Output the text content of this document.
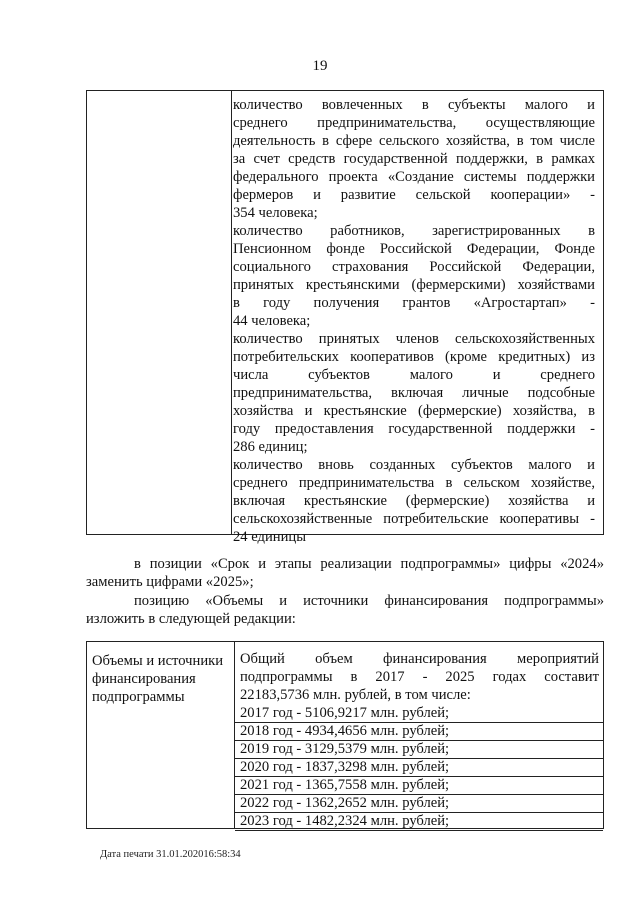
19
количество вовлеченных в субъекты малого и
среднего предпринимательства, осуществляющие
деятельность в сфере сельского хозяйства, в том числе
за счет средств государственной поддержки, в рамках
федерального проекта «Создание системы поддержки
фермеров и развитие сельской кооперации» -
354 человека;
количество работников, зарегистрированных в
Пенсионном фонде Российской Федерации, Фонде
социального страхования Российской Федерации,
принятых крестьянскими (фермерскими) хозяйствами
в году получения грантов «Агростартап» -
44 человека;
количество принятых членов сельскохозяйственных
потребительских кооперативов (кроме кредитных) из
числа субъектов малого и среднего
предпринимательства, включая личные подсобные
хозяйства и крестьянские (фермерские) хозяйства, в
году предоставления государственной поддержки -
286 единиц;
количество вновь созданных субъектов малого и
среднего предпринимательства в сельском хозяйстве,
включая крестьянские (фермерские) хозяйства и
сельскохозяйственные потребительские кооперативы -
24 единицы
в позиции «Срок и этапы реализации подпрограммы» цифры «2024»
заменить цифрами «2025»;
позицию «Объемы и источники финансирования подпрограммы»
изложить в следующей редакции:
Объемы и источники
финансирования
подпрограммы
Общий объем финансирования мероприятий
подпрограммы в 2017 - 2025 годах составит
22183,5736 млн. рублей, в том числе:
2017 год - 5106,9217 млн. рублей;
2018 год - 4934,4656 млн. рублей;
2019 год - 3129,5379 млн. рублей;
2020 год - 1837,3298 млн. рублей;
2021 год - 1365,7558 млн. рублей;
2022 год - 1362,2652 млн. рублей;
2023 год - 1482,2324 млн. рублей;
Дата печати 31.01.202016:58:34
